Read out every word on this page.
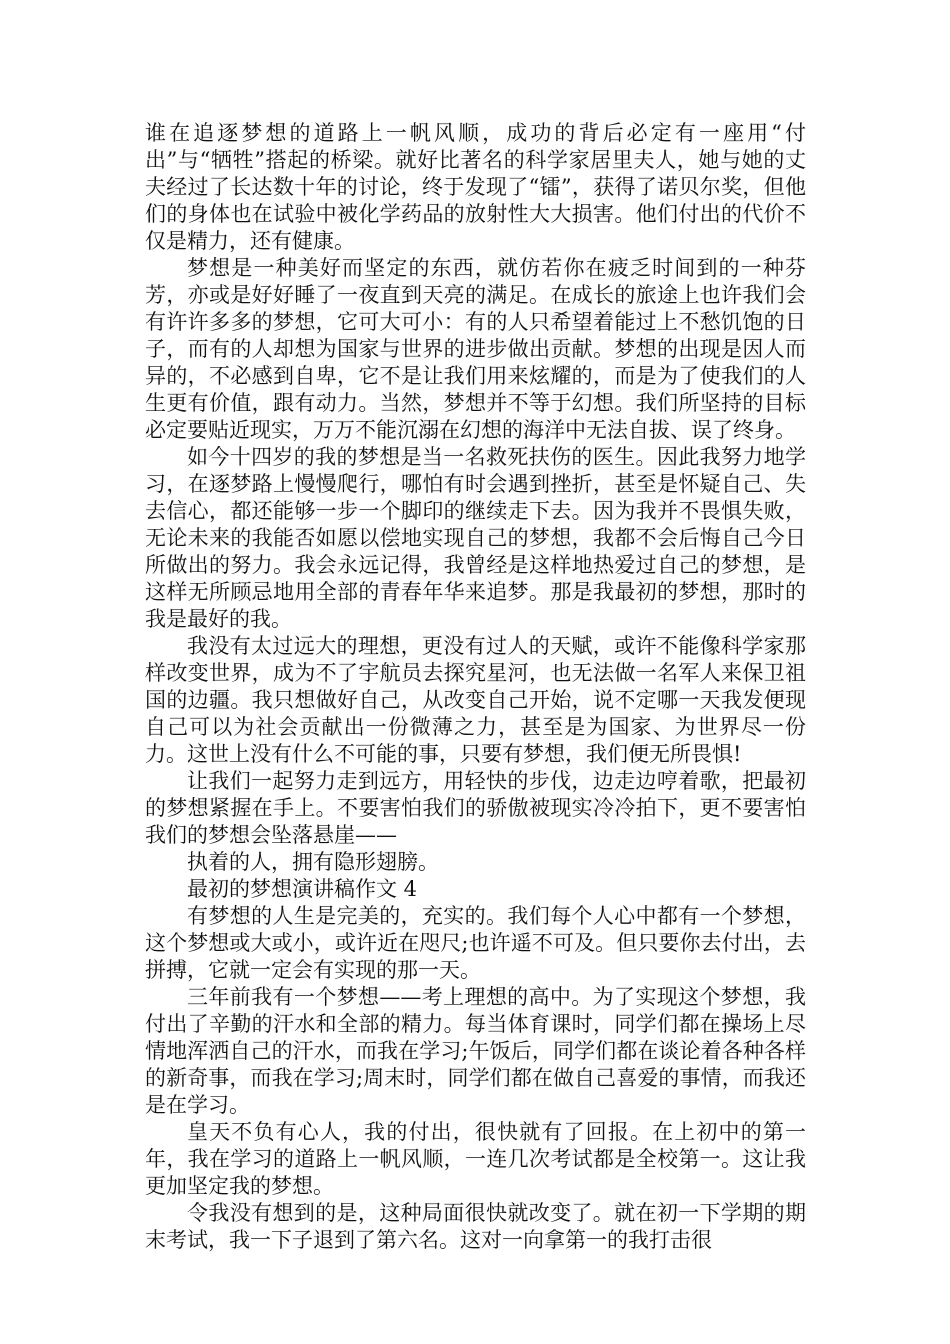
谁在追逐梦想的道路上一帆风顺，成功的背后必定有一座用“付出”与“牺牲”搭起的桥梁。就好比著名的科学家居里夫人，她与她的丈夫经过了长达数十年的讨论，终于发现了“镭”，获得了诺贝尔奖，但他们的身体也在试验中被化学药品的放射性大大损害。他们付出的代价不仅是精力，还有健康。

梦想是一种美好而坚定的东西，就仿若你在疲乏时间到的一种芬芳，亦或是好好睡了一夜直到天亮的满足。在成长的旅途上也许我们会有许许多多的梦想，它可大可小：有的人只希望着能过上不愁饥饱的日子，而有的人却想为国家与世界的进步做出贡献。梦想的出现是因人而异的，不必感到自卑，它不是让我们用来炫耀的，而是为了使我们的人生更有价值，跟有动力。当然，梦想并不等于幻想。我们所坚持的目标必定要贴近现实，万万不能沉溺在幻想的海洋中无法自拔、误了终身。

如今十四岁的我的梦想是当一名救死扶伤的医生。因此我努力地学习，在逐梦路上慢慢爬行，哪怕有时会遇到挫折，甚至是怀疑自己、失去信心，都还能够一步一个脚印的继续走下去。因为我并不畏惧失败，无论未来的我能否如愿以偿地实现自己的梦想，我都不会后悔自己今日所做出的努力。我会永远记得，我曾经是这样地热爱过自己的梦想，是这样无所顾忌地用全部的青春年华来追梦。那是我最初的梦想，那时的我是最好的我。

我没有太过远大的理想，更没有过人的天赋，或许不能像科学家那样改变世界，成为不了宇航员去探究星河，也无法做一名军人来保卫祖国的边疆。我只想做好自己，从改变自己开始，说不定哪一天我发便现自己可以为社会贡献出一份微薄之力，甚至是为国家、为世界尽一份力。这世上没有什么不可能的事，只要有梦想，我们便无所畏惧!

让我们一起努力走到远方，用轻快的步伐，边走边哼着歌，把最初的梦想紧握在手上。不要害怕我们的骄傲被现实冷冷拍下，更不要害怕我们的梦想会坠落悬崖——

执着的人，拥有隐形翅膀。

最初的梦想演讲稿作文 4

有梦想的人生是完美的，充实的。我们每个人心中都有一个梦想，这个梦想或大或小，或许近在咫尺;也许遥不可及。但只要你去付出，去拼搏，它就一定会有实现的那一天。

三年前我有一个梦想——考上理想的高中。为了实现这个梦想，我付出了辛勤的汗水和全部的精力。每当体育课时，同学们都在操场上尽情地浑洒自己的汗水，而我在学习;午饭后，同学们都在谈论着各种各样的新奇事，而我在学习;周末时，同学们都在做自己喜爱的事情，而我还是在学习。

皇天不负有心人，我的付出，很快就有了回报。在上初中的第一年，我在学习的道路上一帆风顺，一连几次考试都是全校第一。这让我更加坚定我的梦想。

令我没有想到的是，这种局面很快就改变了。就在初一下学期的期末考试，我一下子退到了第六名。这对一向拿第一的我打击很
